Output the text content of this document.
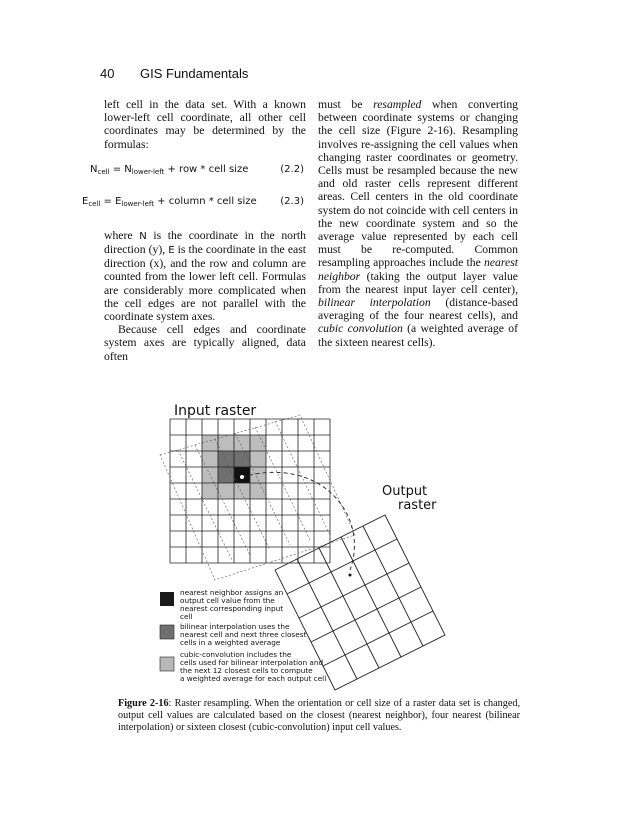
40 GIS Fundamentals

left cell in the data set. With a known lower-left cell coordinate, all other cell coordinates may be determined by the formulas:

$N_{cell} = N_{lower-left}$ + row * cell size	(2.2)
$E_{cell} = E_{lower-left}$ + column * cell size (2.3)

where N is the coordinate in the north direction (y), E is the coordinate in the east direction (x), and the row and column are counted from the lower left cell. Formulas are considerably more complicated when the cell edges are not parallel with the coordinate system axes.

Because cell edges and coordinate system axes are typically aligned, data often

must be resampled when converting between coordinate systems or changing the cell size (Figure 2-16). Resampling involves re-assigning the cell values when changing raster coordinates or geometry. Cells must be resampled because the new and old raster cells represent different areas. Cell centers in the old coordinate system do not coincide with cell centers in the new coordinate system and so the average value represented by each cell must be re-computed. Common resampling approaches include the nearest neighbor (taking the output layer value from the nearest input layer cell center), bilinear interpolation (distance-based averaging of the four nearest cells), and cubic convolution (a weighted average of the sixteen nearest cells).

Input raster
Output
raster
nearest neighbor assigns an
output cell value from the
nearest corresponding input
cell
bilinear interpolation uses the
nearest cell and next three closest
cells in a weighted average
cubic-convolution includes the
cells used for bilinear interpolation and
the next 12 closest cells to compute
a weighted average for each output cell
Figure 2-16: Raster resampling. When the orientation or cell size of a raster data set is changed, output cell values are calculated based on the closest (nearest neighbor), four nearest (bilinear interpolation) or sixteen closest (cubic-convolution) input cell values.
